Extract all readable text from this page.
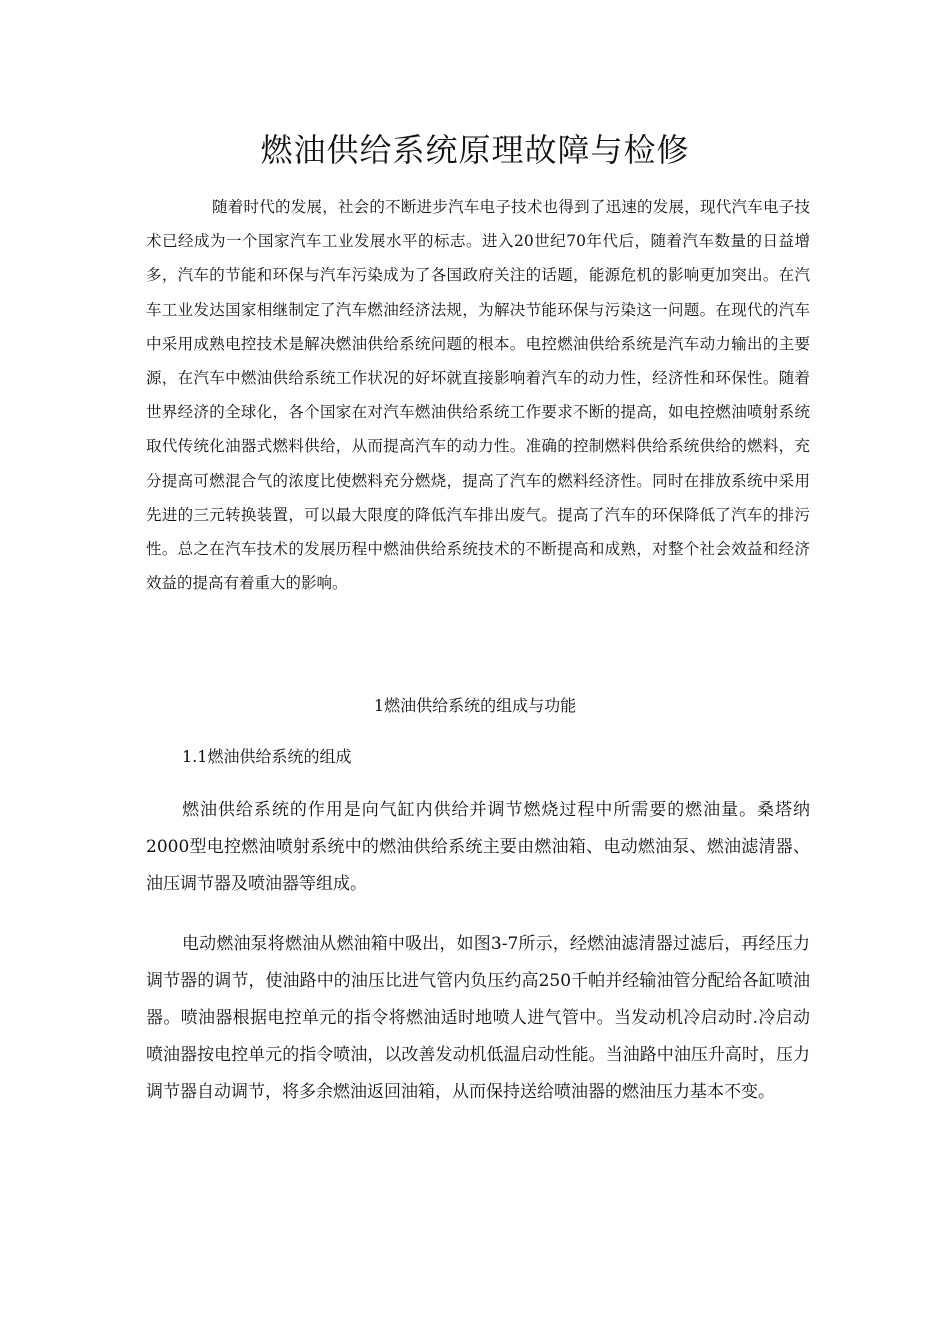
燃油供给系统原理故障与检修

随着时代的发展，社会的不断进步汽车电子技术也得到了迅速的发展，现代汽车电子技术已经成为一个国家汽车工业发展水平的标志。进入20世纪70年代后，随着汽车数量的日益增多，汽车的节能和环保与汽车污染成为了各国政府关注的话题，能源危机的影响更加突出。在汽车工业发达国家相继制定了汽车燃油经济法规，为解决节能环保与污染这一问题。在现代的汽车中采用成熟电控技术是解决燃油供给系统问题的根本。电控燃油供给系统是汽车动力输出的主要源，在汽车中燃油供给系统工作状况的好坏就直接影响着汽车的动力性，经济性和环保性。随着世界经济的全球化，各个国家在对汽车燃油供给系统工作要求不断的提高，如电控燃油喷射系统取代传统化油器式燃料供给，从而提高汽车的动力性。准确的控制燃料供给系统供给的燃料，充分提高可燃混合气的浓度比使燃料充分燃烧，提高了汽车的燃料经济性。同时在排放系统中采用先进的三元转换装置，可以最大限度的降低汽车排出废气。提高了汽车的环保降低了汽车的排污性。总之在汽车技术的发展历程中燃油供给系统技术的不断提高和成熟，对整个社会效益和经济效益的提高有着重大的影响。

1燃油供给系统的组成与功能
1.1燃油供给系统的组成

燃油供给系统的作用是向气缸内供给并调节燃烧过程中所需要的燃油量。桑塔纳2000型电控燃油喷射系统中的燃油供给系统主要由燃油箱、电动燃油泵、燃油滤清器、油压调节器及喷油器等组成。

电动燃油泵将燃油从燃油箱中吸出，如图3-7所示，经燃油滤清器过滤后，再经压力调节器的调节，使油路中的油压比进气管内负压约高250千帕并经输油管分配给各缸喷油器。喷油器根据电控单元的指令将燃油适时地喷人进气管中。当发动机冷启动时.冷启动喷油器按电控单元的指令喷油，以改善发动机低温启动性能。当油路中油压升高时，压力调节器自动调节，将多余燃油返回油箱，从而保持送给喷油器的燃油压力基本不变。
